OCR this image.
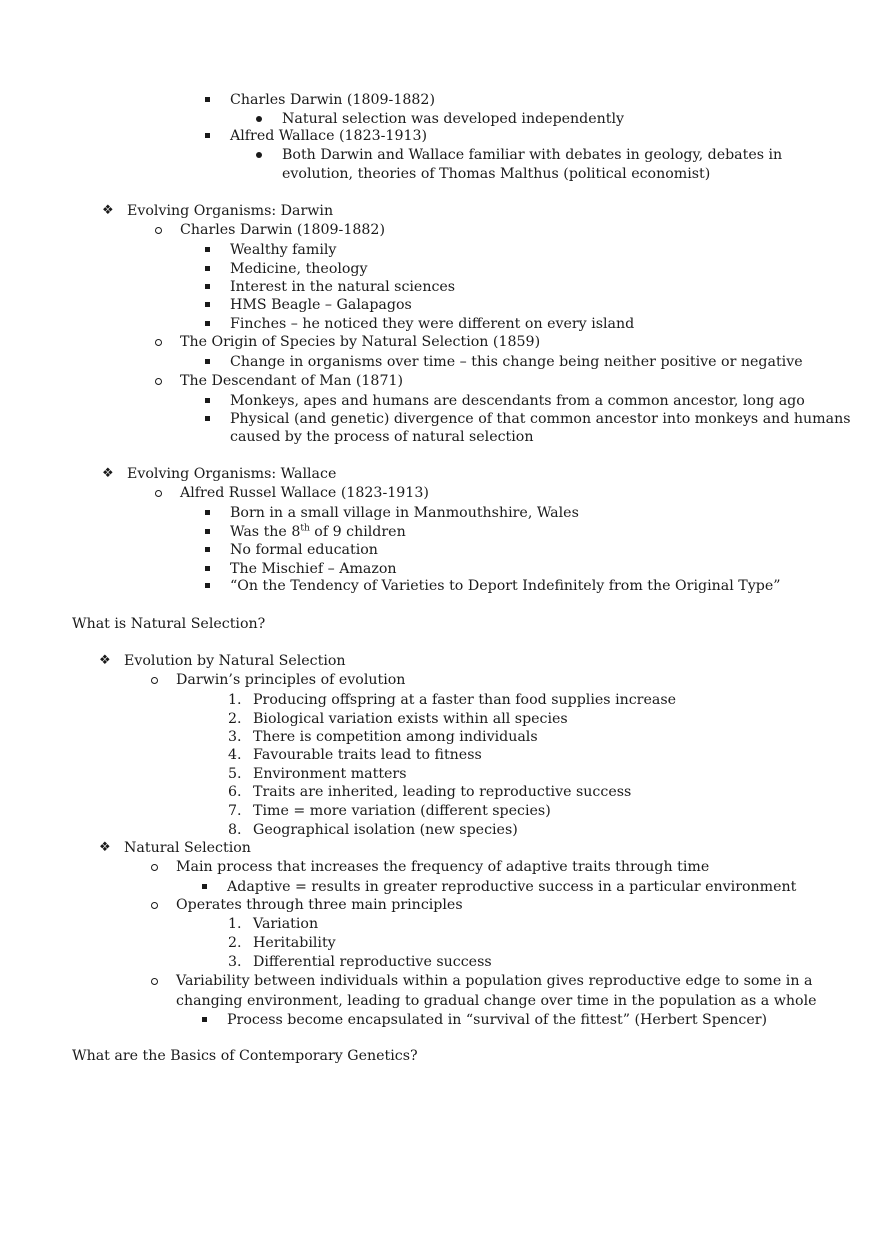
Charles Darwin (1809-1882)
Natural selection was developed independently
Alfred Wallace (1823-1913)
Both Darwin and Wallace familiar with debates in geology, debates in
evolution, theories of Thomas Malthus (political economist)
❖ Evolving Organisms: Darwin
Charles Darwin (1809-1882)
Wealthy family
Medicine, theology
Interest in the natural sciences
HMS Beagle – Galapagos
Finches – he noticed they were different on every island
The Origin of Species by Natural Selection (1859)
Change in organisms over time – this change being neither positive or negative
The Descendant of Man (1871)
Monkeys, apes and humans are descendants from a common ancestor, long ago
Physical (and genetic) divergence of that common ancestor into monkeys and humans
caused by the process of natural selection
❖ Evolving Organisms: Wallace
Alfred Russel Wallace (1823-1913)
Born in a small village in Manmouthshire, Wales
Was the 8th of 9 children
No formal education
The Mischief – Amazon
“On the Tendency of Varieties to Deport Indefinitely from the Original Type”
What is Natural Selection?
❖ Evolution by Natural Selection
Darwin’s principles of evolution
1. Producing offspring at a faster than food supplies increase
2. Biological variation exists within all species
3. There is competition among individuals
4. Favourable traits lead to fitness
5. Environment matters
6. Traits are inherited, leading to reproductive success
7. Time = more variation (different species)
8. Geographical isolation (new species)
❖ Natural Selection
Main process that increases the frequency of adaptive traits through time
Adaptive = results in greater reproductive success in a particular environment
Operates through three main principles
1. Variation
2. Heritability
3. Differential reproductive success
Variability between individuals within a population gives reproductive edge to some in a
changing environment, leading to gradual change over time in the population as a whole
Process become encapsulated in “survival of the fittest” (Herbert Spencer)
What are the Basics of Contemporary Genetics?
